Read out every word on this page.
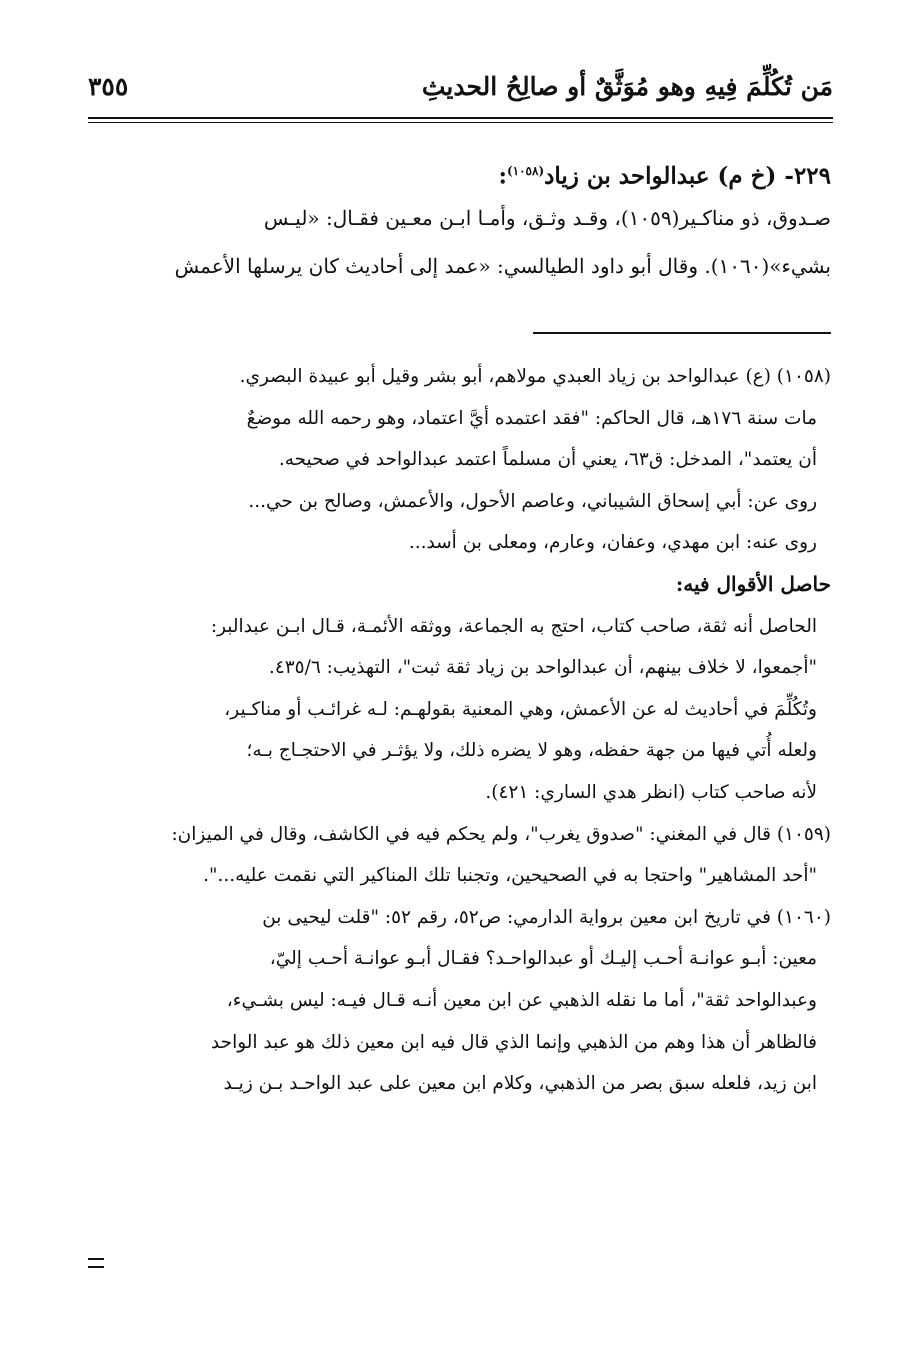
مَن تُكُلِّمَ فِيهِ وهو مُوَثَّقٌ أو صالِحُ الحديثِ
٣٥٥
٢٢٩- (خ م) عبدالواحد بن زياد$^{(١٠٥٨)}$:
صـدوق، ذو مناكـير(١٠٥٩)، وقـد وثـق، وأمـا ابـن معـين فقـال: «ليـس
بشيء»(١٠٦٠). وقال أبو داود الطيالسي: «عمد إلى أحاديث كان يرسلها الأعمش
(١٠٥٨) (ع) عبدالواحد بن زياد العبدي مولاهم، أبو بشر وقيل أبو عبيدة البصري.
مات سنة ١٧٦هـ، قال الحاكم: "فقد اعتمده أيَّ اعتماد، وهو رحمه الله موضعٌ
أن يعتمد"، المدخل: ق٦٣، يعني أن مسلماً اعتمد عبدالواحد في صحيحه.
روى عن: أبي إسحاق الشيباني، وعاصم الأحول، والأعمش، وصالح بن حي...
روى عنه: ابن مهدي، وعفان، وعارم، ومعلى بن أسد...
حاصل الأقوال فيه:
الحاصل أنه ثقة، صاحب كتاب، احتج به الجماعة، ووثقه الأئمـة، قـال ابـن عبدالبر:
"أجمعوا، لا خلاف بينهم، أن عبدالواحد بن زياد ثقة ثبت"، التهذيب: ٤٣٥/٦.
وتُكُلِّمَ في أحاديث له عن الأعمش، وهي المعنية بقولهـم: لـه غرائـب أو مناكـير،
ولعله أُتي فيها من جهة حفظه، وهو لا يضره ذلك، ولا يؤثـر في الاحتجـاج بـه؛
لأنه صاحب كتاب (انظر هدي الساري: ٤٢١).
(١٠٥٩) قال في المغني: "صدوق يغرب"، ولم يحكم فيه في الكاشف، وقال في الميزان:
"أحد المشاهير" واحتجا به في الصحيحين، وتجنبا تلك المناكير التي نقمت عليه...".
(١٠٦٠) في تاريخ ابن معين برواية الدارمي: ص٥٢، رقم ٥٢: "قلت ليحيى بن
معين: أبـو عوانـة أحـب إليـك أو عبدالواحـد؟ فقـال أبـو عوانـة أحـب إليّ،
وعبدالواحد ثقة"، أما ما نقله الذهبي عن ابن معين أنـه قـال فيـه: ليس بشـيء،
فالظاهر أن هذا وهم من الذهبي وإنما الذي قال فيه ابن معين ذلك هو عبد الواحد
ابن زيد، فلعله سبق بصر من الذهبي، وكلام ابن معين على عبد الواحـد بـن زيـد
